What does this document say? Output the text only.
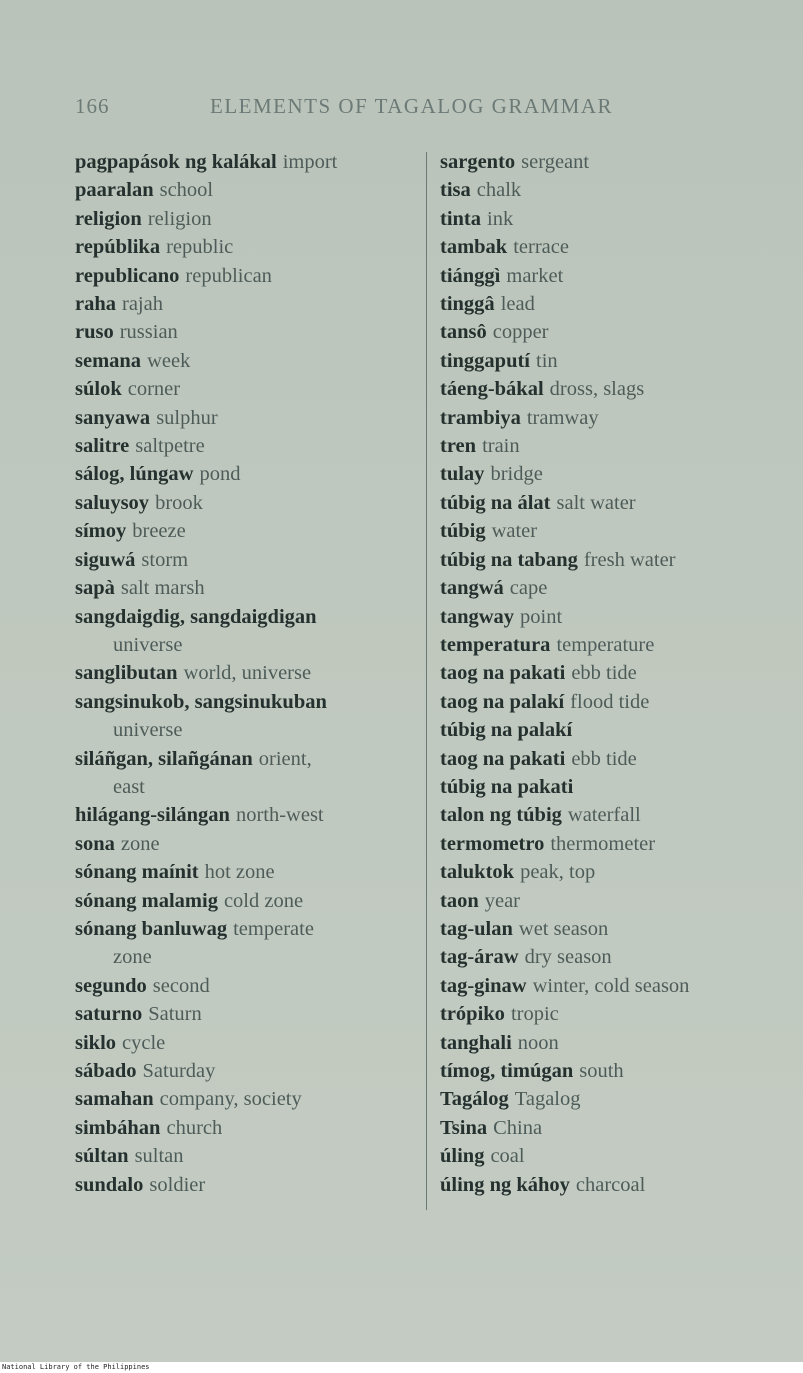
166	ELEMENTS OF TAGALOG GRAMMAR
pagpapások ng kalákal import
paaralan school
religion religion
repúblika republic
republicano republican
raha rajah
ruso russian
semana week
súlok corner
sanyawa sulphur
salitre saltpetre
sálog, lúngaw pond
saluysoy brook
símoy breeze
siguwá storm
sapà salt marsh
sangdaigdig, sangdaigdigan
universe
sanglibutan world, universe
sangsinukob, sangsinukuban
universe
siláñgan, silañgánan orient,
east
hilágang-silángan north-west
sona zone
sónang maínit hot zone
sónang malamig cold zone
sónang banluwag temperate
zone
segundo second
saturno Saturn
siklo cycle
sábado Saturday
samahan company, society
simbáhan church
súltan sultan
sundalo soldier
sargento sergeant
tisa chalk
tinta ink
tambak terrace
tiánggì market
tinggâ lead
tansô copper
tinggaputí tin
táeng-bákal dross, slags
trambiya tramway
tren train
tulay bridge
túbig na álat salt water
túbig water
túbig na tabang fresh water
tangwá cape
tangway point
temperatura temperature
taog na pakati ebb tide
taog na palakí flood tide
túbig na palakí
taog na pakati ebb tide
túbig na pakati
talon ng túbig waterfall
termometro thermometer
taluktok peak, top
taon year
tag-ulan wet season
tag-áraw dry season
tag-ginaw winter, cold season
trópiko tropic
tanghali noon
tímog, timúgan south
Tagálog Tagalog
Tsina China
úling coal
úling ng káhoy charcoal
National Library of the Philippines
